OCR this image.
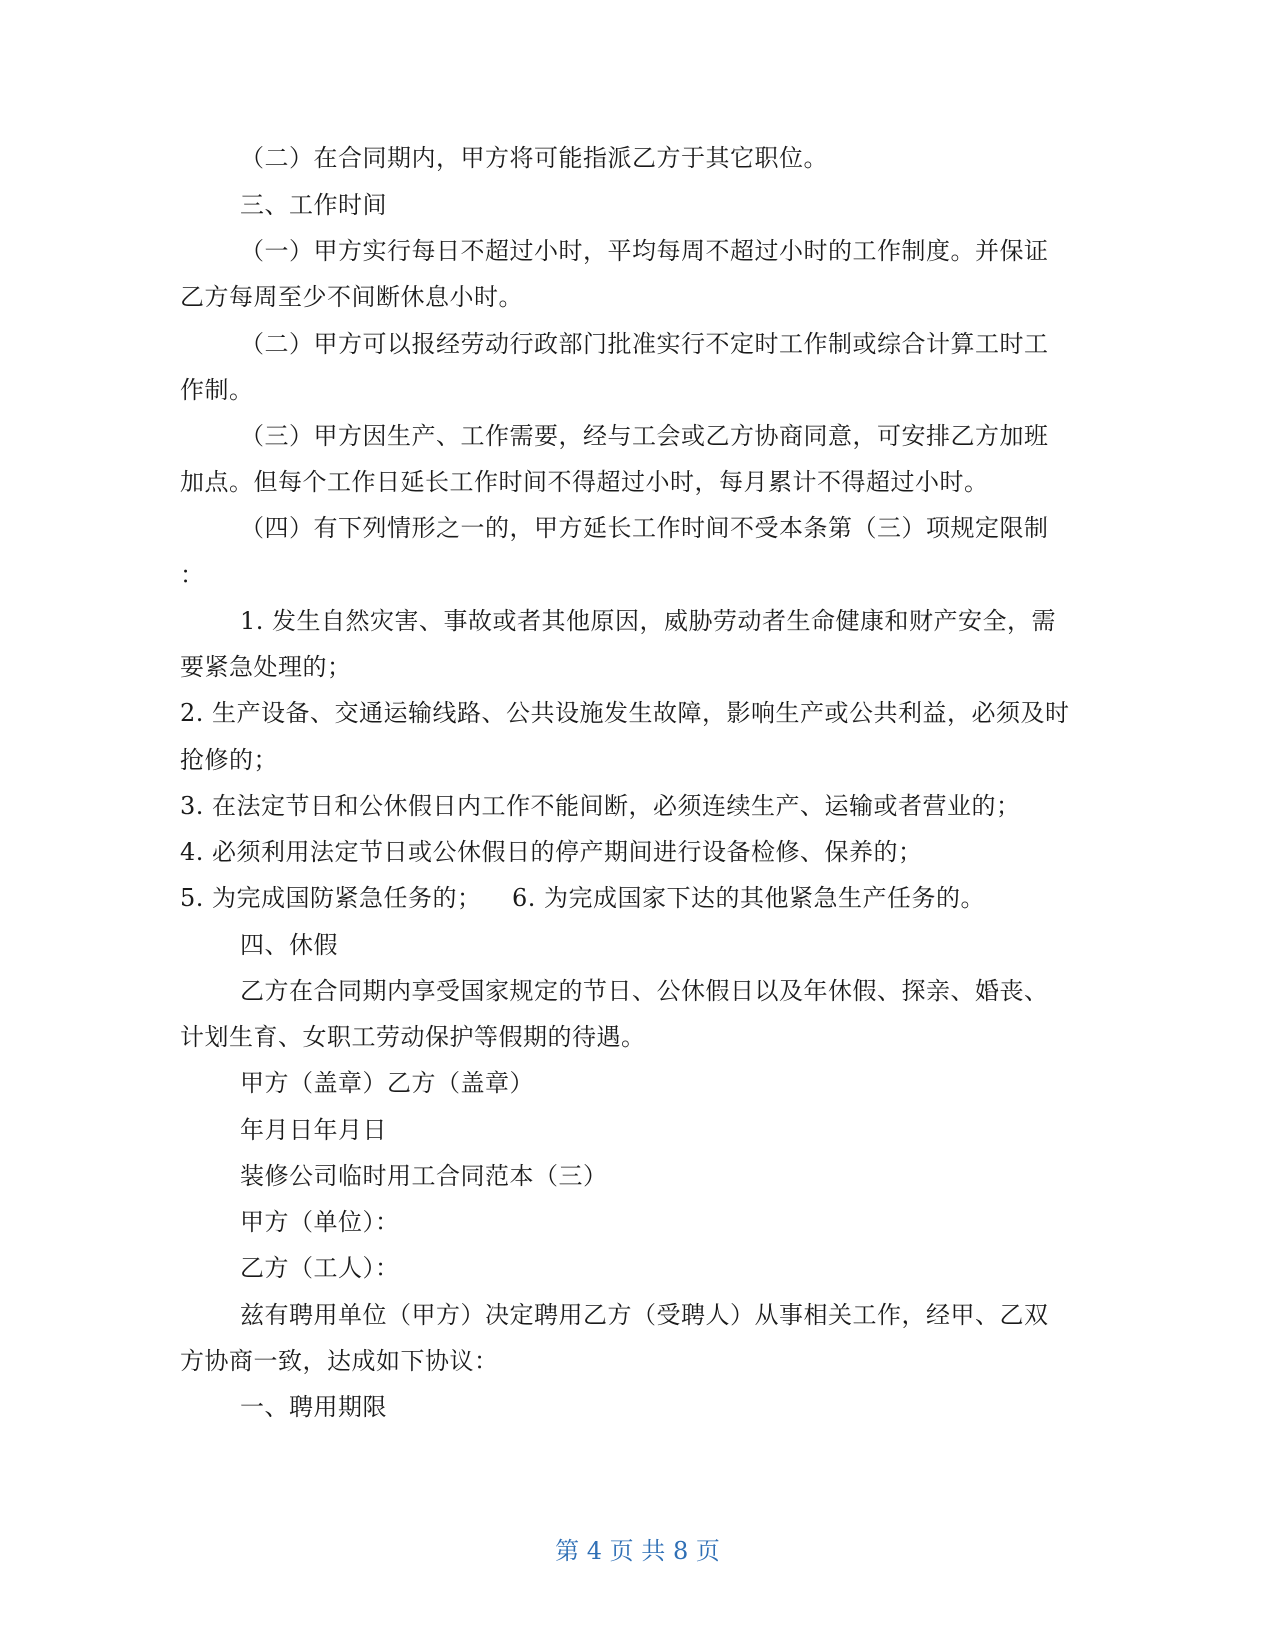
（二）在合同期内，甲方将可能指派乙方于其它职位。
三、工作时间
（一）甲方实行每日不超过小时，平均每周不超过小时的工作制度。并保证
乙方每周至少不间断休息小时。
（二）甲方可以报经劳动行政部门批准实行不定时工作制或综合计算工时工
作制。
（三）甲方因生产、工作需要，经与工会或乙方协商同意，可安排乙方加班
加点。但每个工作日延长工作时间不得超过小时，每月累计不得超过小时。
（四）有下列情形之一的，甲方延长工作时间不受本条第（三）项规定限制
：
1. 发生自然灾害、事故或者其他原因，威胁劳动者生命健康和财产安全，需
要紧急处理的；
2. 生产设备、交通运输线路、公共设施发生故障，影响生产或公共利益，必须及时
抢修的；
3. 在法定节日和公休假日内工作不能间断，必须连续生产、运输或者营业的；
4. 必须利用法定节日或公休假日的停产期间进行设备检修、保养的；
5. 为完成国防紧急任务的； 6. 为完成国家下达的其他紧急生产任务的。
四、休假
乙方在合同期内享受国家规定的节日、公休假日以及年休假、探亲、婚丧、
计划生育、女职工劳动保护等假期的待遇。
甲方（盖章）乙方（盖章）
年月日年月日
装修公司临时用工合同范本（三）
甲方（单位）：
乙方（工人）：
兹有聘用单位（甲方）决定聘用乙方（受聘人）从事相关工作，经甲、乙双
方协商一致，达成如下协议：
一、聘用期限
第 4 页 共 8 页
